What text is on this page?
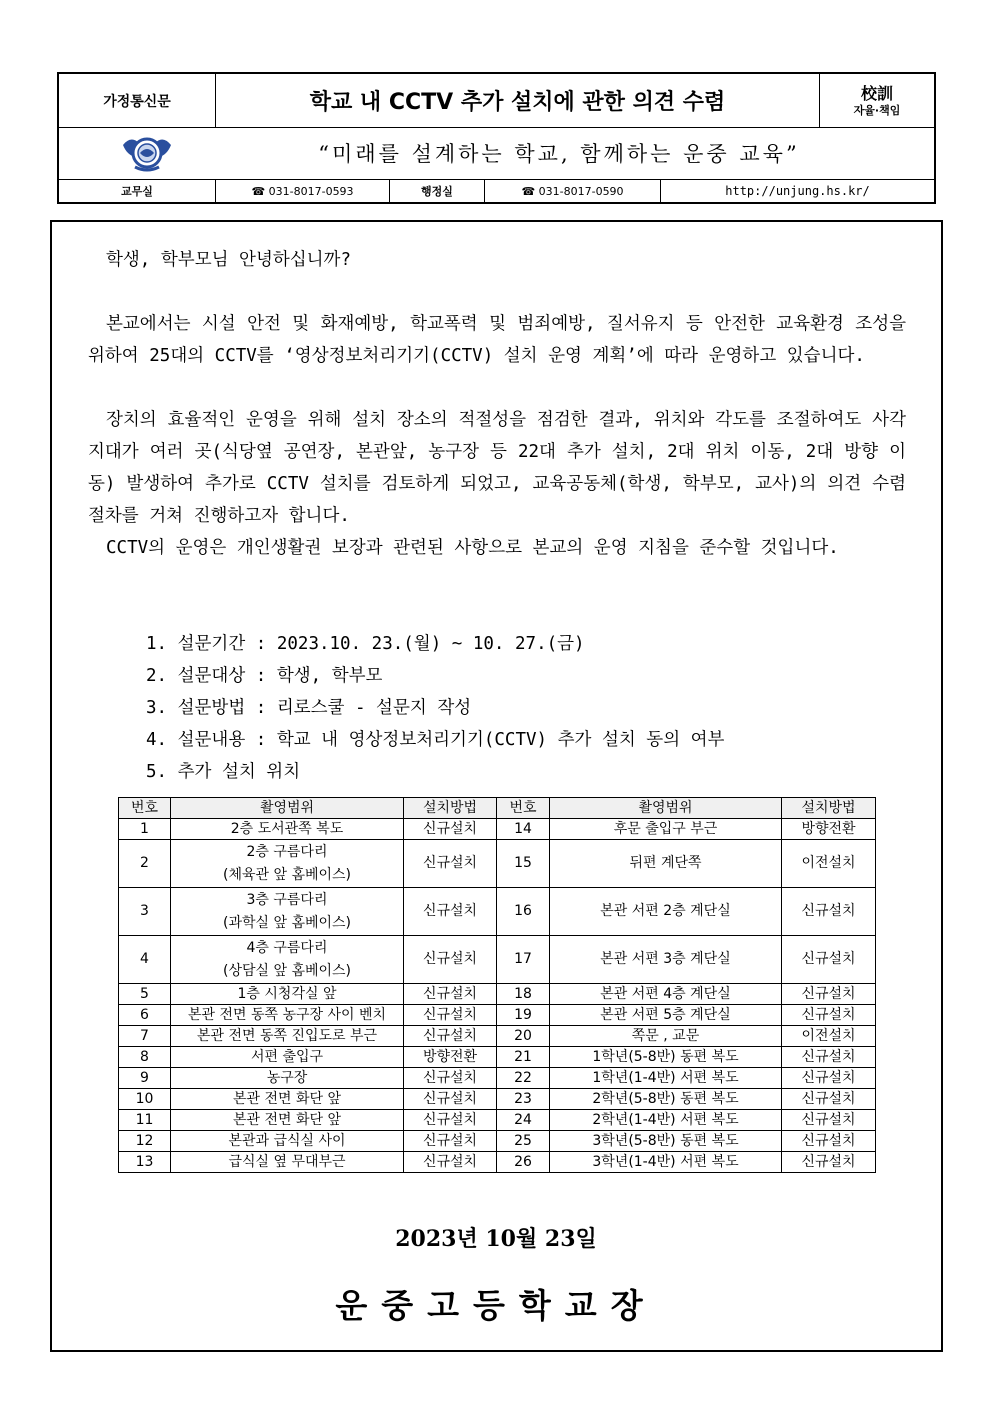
가정통신문	학교 내 CCTV 추가 설치에 관한 의견 수렴	校訓
자율·책임
“미래를 설계하는 학교, 함께하는 운중 교육”
교무실	☎ 031-8017-0593	행정실	☎ 031-8017-0590	http://unjung.hs.kr/
학생, 학부모님 안녕하십니까?
본교에서는 시설 안전 및 화재예방, 학교폭력 및 범죄예방, 질서유지 등 안전한 교육환경 조성을 위하여 25대의 CCTV를 ‘영상정보처리기기(CCTV) 설치 운영 계획’에 따라 운영하고 있습니다.
장치의 효율적인 운영을 위해 설치 장소의 적절성을 점검한 결과, 위치와 각도를 조절하여도 사각지대가 여러 곳(식당옆 공연장, 본관앞, 농구장 등 22대 추가 설치, 2대 위치 이동, 2대 방향 이동) 발생하여 추가로 CCTV 설치를 검토하게 되었고, 교육공동체(학생, 학부모, 교사)의 의견 수렴 절차를 거쳐 진행하고자 합니다.
CCTV의 운영은 개인생활권 보장과 관련된 사항으로 본교의 운영 지침을 준수할 것입니다.
1. 설문기간 : 2023.10. 23.(월) ~ 10. 27.(금)
2. 설문대상 : 학생, 학부모
3. 설문방법 : 리로스쿨 - 설문지 작성
4. 설문내용 : 학교 내 영상정보처리기기(CCTV) 추가 설치 동의 여부
5. 추가 설치 위치
번호	촬영범위	설치방법	번호	촬영범위	설치방법
1	2층 도서관쪽 복도	신규설치	14	후문 출입구 부근	방향전환
2	2층 구름다리
(체육관 앞 홈베이스)	신규설치	15	뒤편 계단쪽	이전설치
3	3층 구름다리
(과학실 앞 홈베이스)	신규설치	16	본관 서편 2층 계단실	신규설치
4	4층 구름다리
(상담실 앞 홈베이스)	신규설치	17	본관 서편 3층 계단실	신규설치
5	1층 시청각실 앞	신규설치	18	본관 서편 4층 계단실	신규설치
6	본관 전면 동쪽 농구장 사이 벤치	신규설치	19	본관 서편 5층 계단실	신규설치
7	본관 전면 동쪽 진입도로 부근	신규설치	20	쪽문 , 교문	이전설치
8	서편 출입구	방향전환	21	1학년(5-8반) 동편 복도	신규설치
9	농구장	신규설치	22	1학년(1-4반) 서편 복도	신규설치
10	본관 전면 화단 앞	신규설치	23	2학년(5-8반) 동편 복도	신규설치
11	본관 전면 화단 앞	신규설치	24	2학년(1-4반) 서편 복도	신규설치
12	본관과 급식실 사이	신규설치	25	3학년(5-8반) 동편 복도	신규설치
13	급식실 옆 무대부근	신규설치	26	3학년(1-4반) 서편 복도	신규설치
2023년 10월 23일
운중고등학교장
